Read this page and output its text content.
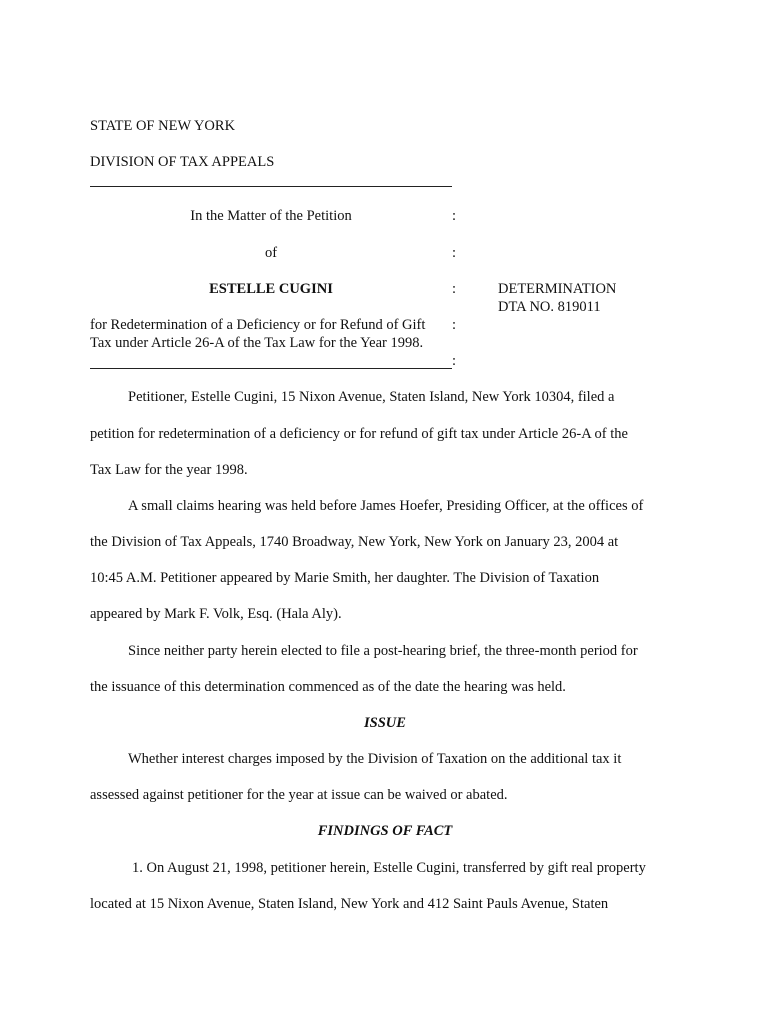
STATE OF NEW YORK
DIVISION OF TAX APPEALS
In the Matter of the Petition	:
of	:
ESTELLE CUGINI	:	DETERMINATION
DTA NO. 819011
for Redetermination of a Deficiency or for Refund of Gift :
Tax under Article 26-A of the Tax Law for the Year 1998.
:
Petitioner, Estelle Cugini, 15 Nixon Avenue, Staten Island, New York 10304, filed a
petition for redetermination of a deficiency or for refund of gift tax under Article 26-A of the
Tax Law for the year 1998.
A small claims hearing was held before James Hoefer, Presiding Officer, at the offices of
the Division of Tax Appeals, 1740 Broadway, New York, New York on January 23, 2004 at
10:45 A.M. Petitioner appeared by Marie Smith, her daughter. The Division of Taxation
appeared by Mark F. Volk, Esq. (Hala Aly).
Since neither party herein elected to file a post-hearing brief, the three-month period for
the issuance of this determination commenced as of the date the hearing was held.
ISSUE
Whether interest charges imposed by the Division of Taxation on the additional tax it
assessed against petitioner for the year at issue can be waived or abated.
FINDINGS OF FACT
1. On August 21, 1998, petitioner herein, Estelle Cugini, transferred by gift real property
located at 15 Nixon Avenue, Staten Island, New York and 412 Saint Pauls Avenue, Staten
